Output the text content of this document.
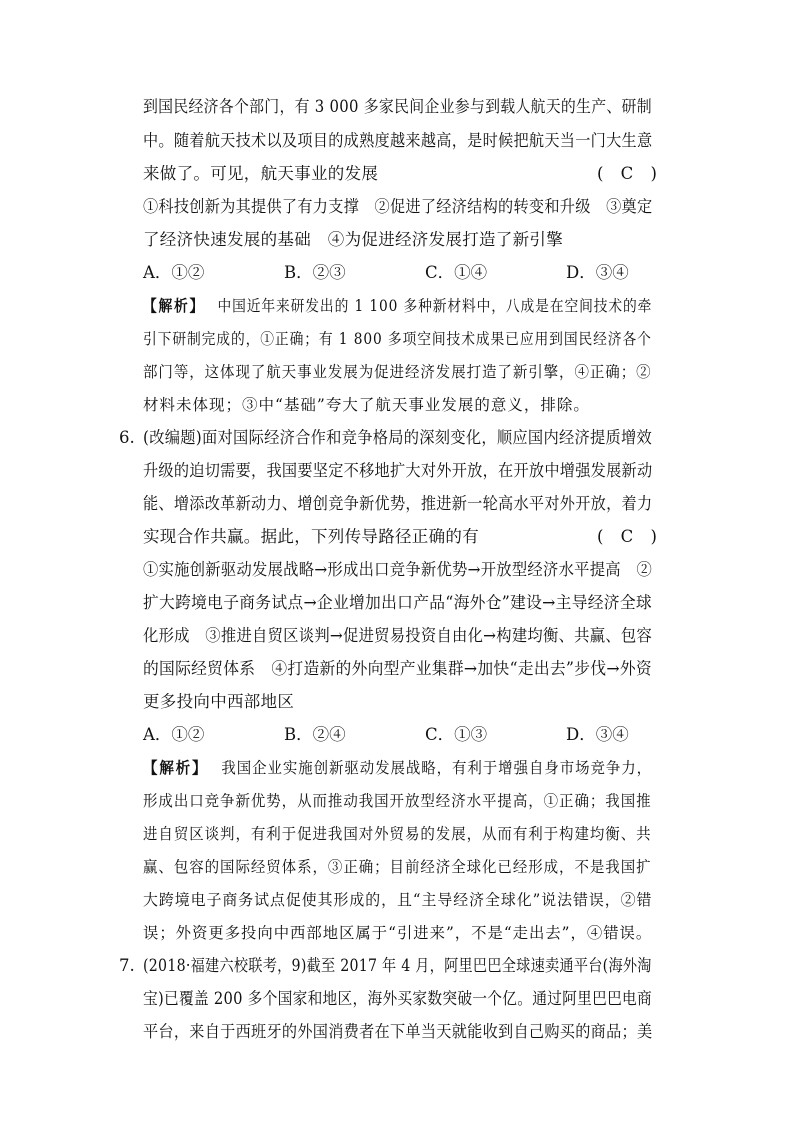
到国民经济各个部门，有 3 000 多家民间企业参与到载人航天的生产、研制
中。随着航天技术以及项目的成熟度越来越高，是时候把航天当一门大生意
来做了。可见，航天事业的发展	( C )
①科技创新为其提供了有力支撑　②促进了经济结构的转变和升级　③奠定
了经济快速发展的基础　④为促进经济发展打造了新引擎
A．①②	B．②③	C．①④	D．③④
【解析】 中国近年来研发出的 1 100 多种新材料中，八成是在空间技术的牵
引下研制完成的，①正确；有 1 800 多项空间技术成果已应用到国民经济各个
部门等，这体现了航天事业发展为促进经济发展打造了新引擎，④正确；②
材料未体现；③中“基础”夸大了航天事业发展的意义，排除。
6. (改编题)面对国际经济合作和竞争格局的深刻变化，顺应国内经济提质增效
升级的迫切需要，我国要坚定不移地扩大对外开放，在开放中增强发展新动
能、增添改革新动力、增创竞争新优势，推进新一轮高水平对外开放，着力
实现合作共赢。据此，下列传导路径正确的有	( C )
①实施创新驱动发展战略→形成出口竞争新优势→开放型经济水平提高　②
扩大跨境电子商务试点→企业增加出口产品“海外仓”建设→主导经济全球
化形成　③推进自贸区谈判→促进贸易投资自由化→构建均衡、共赢、包容
的国际经贸体系　④打造新的外向型产业集群→加快“走出去”步伐→外资
更多投向中西部地区
A．①②	B．②④	C．①③	D．③④
【解析】 我国企业实施创新驱动发展战略，有利于增强自身市场竞争力，
形成出口竞争新优势，从而推动我国开放型经济水平提高，①正确；我国推
进自贸区谈判，有利于促进我国对外贸易的发展，从而有利于构建均衡、共
赢、包容的国际经贸体系，③正确；目前经济全球化已经形成，不是我国扩
大跨境电子商务试点促使其形成的，且“主导经济全球化”说法错误，②错
误；外资更多投向中西部地区属于“引进来”，不是“走出去”，④错误。
7. (2018·福建六校联考，9)截至 2017 年 4 月，阿里巴巴全球速卖通平台(海外淘
宝)已覆盖 200 多个国家和地区，海外买家数突破一个亿。通过阿里巴巴电商
平台，来自于西班牙的外国消费者在下单当天就能收到自己购买的商品；美
